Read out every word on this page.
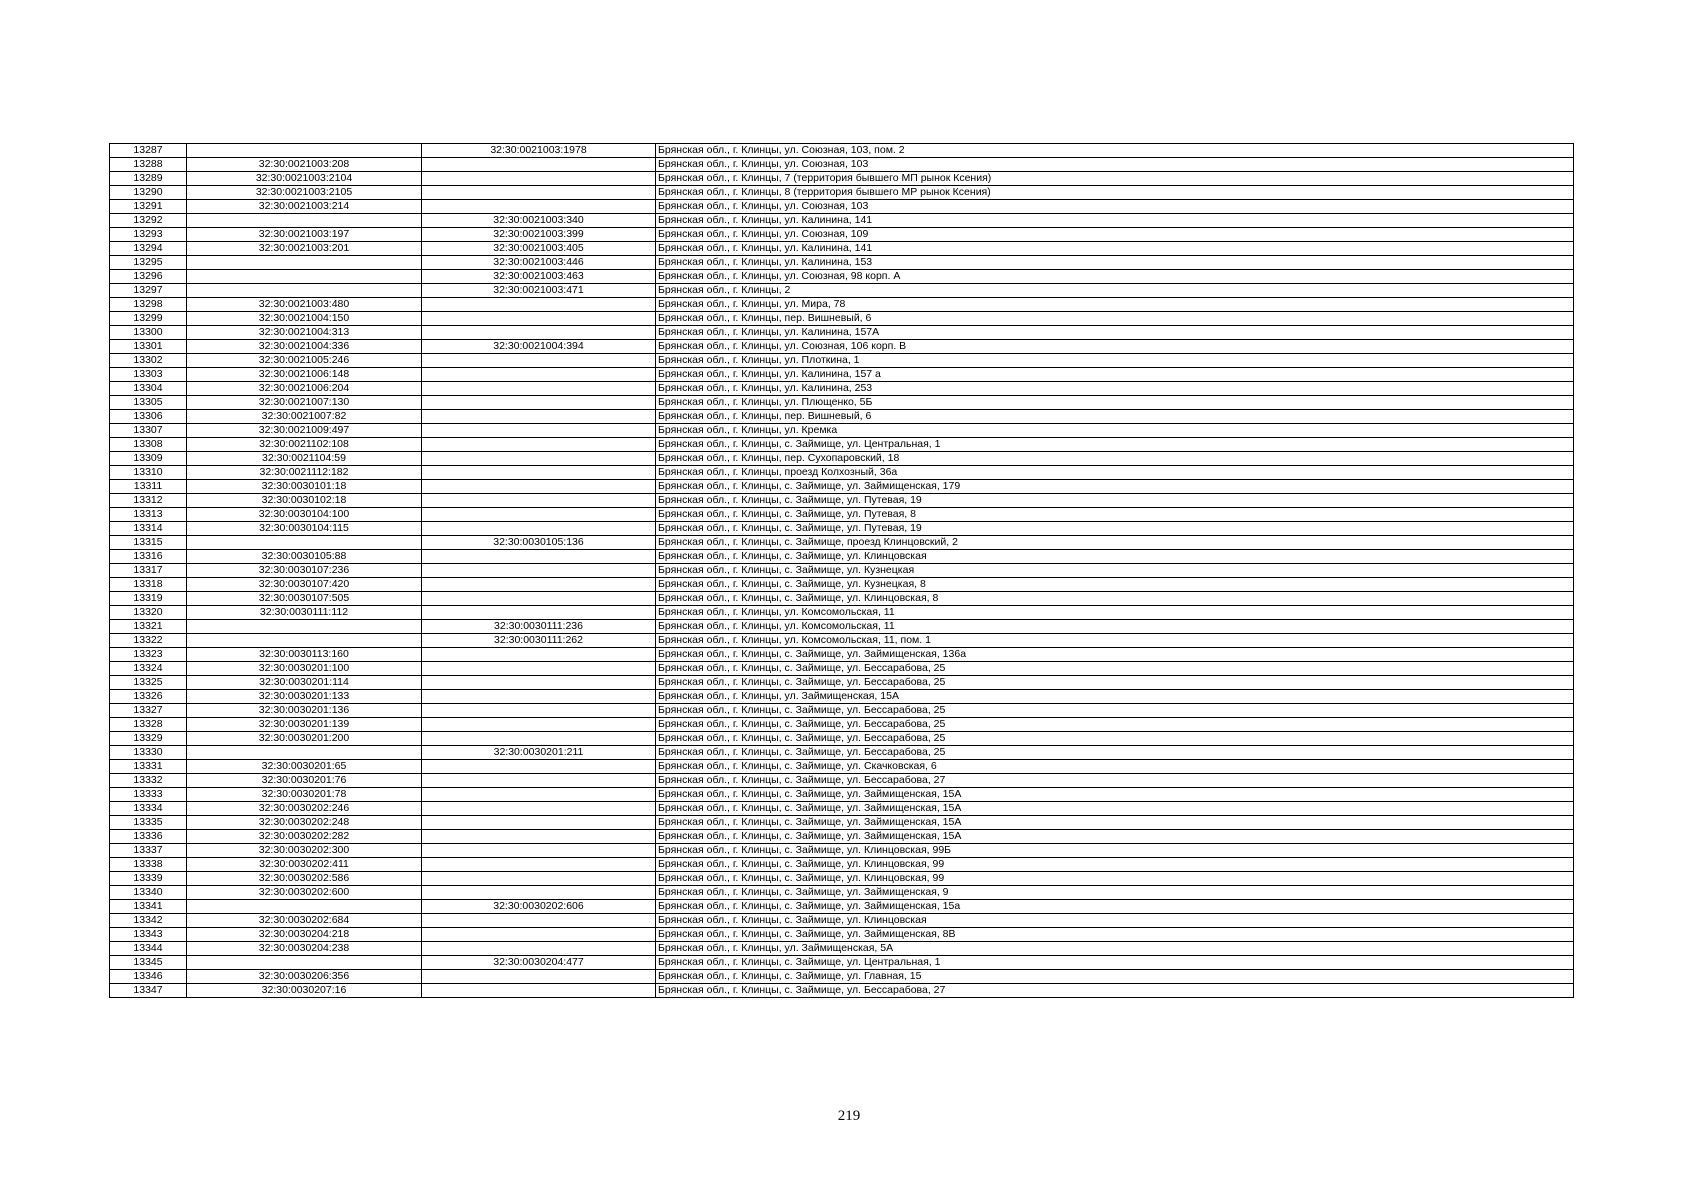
13287		32:30:0021003:1978	Брянская обл., г. Клинцы, ул. Союзная, 103, пом. 2
13288	32:30:0021003:208		Брянская обл., г. Клинцы, ул. Союзная, 103
13289	32:30:0021003:2104		Брянская обл., г. Клинцы, 7 (территория бывшего МП рынок Ксения)
13290	32:30:0021003:2105		Брянская обл., г. Клинцы, 8 (территория бывшего МР рынок Ксения)
13291	32:30:0021003:214		Брянская обл., г. Клинцы, ул. Союзная, 103
13292		32:30:0021003:340	Брянская обл., г. Клинцы, ул. Калинина, 141
13293	32:30:0021003:197	32:30:0021003:399	Брянская обл., г. Клинцы, ул. Союзная, 109
13294	32:30:0021003:201	32:30:0021003:405	Брянская обл., г. Клинцы, ул. Калинина, 141
13295		32:30:0021003:446	Брянская обл., г. Клинцы, ул. Калинина, 153
13296		32:30:0021003:463	Брянская обл., г. Клинцы, ул. Союзная, 98 корп. А
13297		32:30:0021003:471	Брянская обл., г. Клинцы, 2
13298	32:30:0021003:480		Брянская обл., г. Клинцы, ул. Мира, 78
13299	32:30:0021004:150		Брянская обл., г. Клинцы, пер. Вишневый, 6
13300	32:30:0021004:313		Брянская обл., г. Клинцы, ул. Калинина, 157А
13301	32:30:0021004:336	32:30:0021004:394	Брянская обл., г. Клинцы, ул. Союзная, 106 корп. В
13302	32:30:0021005:246		Брянская обл., г. Клинцы, ул. Плоткина, 1
13303	32:30:0021006:148		Брянская обл., г. Клинцы, ул. Калинина, 157 а
13304	32:30:0021006:204		Брянская обл., г. Клинцы, ул. Калинина, 253
13305	32:30:0021007:130		Брянская обл., г. Клинцы, ул. Плющенко, 5Б
13306	32:30:0021007:82		Брянская обл., г. Клинцы, пер. Вишневый, 6
13307	32:30:0021009:497		Брянская обл., г. Клинцы, ул. Кремка
13308	32:30:0021102:108		Брянская обл., г. Клинцы, с. Займище, ул. Центральная, 1
13309	32:30:0021104:59		Брянская обл., г. Клинцы, пер. Сухопаровский, 18
13310	32:30:0021112:182		Брянская обл., г. Клинцы, проезд Колхозный, 36а
13311	32:30:0030101:18		Брянская обл., г. Клинцы, с. Займище, ул. Займищенская, 179
13312	32:30:0030102:18		Брянская обл., г. Клинцы, с. Займище, ул. Путевая, 19
13313	32:30:0030104:100		Брянская обл., г. Клинцы, с. Займище, ул. Путевая, 8
13314	32:30:0030104:115		Брянская обл., г. Клинцы, с. Займище, ул. Путевая, 19
13315		32:30:0030105:136	Брянская обл., г. Клинцы, с. Займище, проезд Клинцовский, 2
13316	32:30:0030105:88		Брянская обл., г. Клинцы, с. Займище, ул. Клинцовская
13317	32:30:0030107:236		Брянская обл., г. Клинцы, с. Займище, ул. Кузнецкая
13318	32:30:0030107:420		Брянская обл., г. Клинцы, с. Займище, ул. Кузнецкая, 8
13319	32:30:0030107:505		Брянская обл., г. Клинцы, с. Займище, ул. Клинцовская, 8
13320	32:30:0030111:112		Брянская обл., г. Клинцы, ул. Комсомольская, 11
13321		32:30:0030111:236	Брянская обл., г. Клинцы, ул. Комсомольская, 11
13322		32:30:0030111:262	Брянская обл., г. Клинцы, ул. Комсомольская, 11, пом. 1
13323	32:30:0030113:160		Брянская обл., г. Клинцы, с. Займище, ул. Займищенская, 136а
13324	32:30:0030201:100		Брянская обл., г. Клинцы, с. Займище, ул. Бессарабова, 25
13325	32:30:0030201:114		Брянская обл., г. Клинцы, с. Займище, ул. Бессарабова, 25
13326	32:30:0030201:133		Брянская обл., г. Клинцы, ул. Займищенская, 15А
13327	32:30:0030201:136		Брянская обл., г. Клинцы, с. Займище, ул. Бессарабова, 25
13328	32:30:0030201:139		Брянская обл., г. Клинцы, с. Займище, ул. Бессарабова, 25
13329	32:30:0030201:200		Брянская обл., г. Клинцы, с. Займище, ул. Бессарабова, 25
13330		32:30:0030201:211	Брянская обл., г. Клинцы, с. Займище, ул. Бессарабова, 25
13331	32:30:0030201:65		Брянская обл., г. Клинцы, с. Займище, ул. Скачковская, 6
13332	32:30:0030201:76		Брянская обл., г. Клинцы, с. Займище, ул. Бессарабова, 27
13333	32:30:0030201:78		Брянская обл., г. Клинцы, с. Займище, ул. Займищенская, 15А
13334	32:30:0030202:246		Брянская обл., г. Клинцы, с. Займище, ул. Займищенская, 15А
13335	32:30:0030202:248		Брянская обл., г. Клинцы, с. Займище, ул. Займищенская, 15А
13336	32:30:0030202:282		Брянская обл., г. Клинцы, с. Займище, ул. Займищенская, 15А
13337	32:30:0030202:300		Брянская обл., г. Клинцы, с. Займище, ул. Клинцовская, 99Б
13338	32:30:0030202:411		Брянская обл., г. Клинцы, с. Займище, ул. Клинцовская, 99
13339	32:30:0030202:586		Брянская обл., г. Клинцы, с. Займище, ул. Клинцовская, 99
13340	32:30:0030202:600		Брянская обл., г. Клинцы, с. Займище, ул. Займищенская, 9
13341		32:30:0030202:606	Брянская обл., г. Клинцы, с. Займище, ул. Займищенская, 15а
13342	32:30:0030202:684		Брянская обл., г. Клинцы, с. Займище, ул. Клинцовская
13343	32:30:0030204:218		Брянская обл., г. Клинцы, с. Займище, ул. Займищенская, 8В
13344	32:30:0030204:238		Брянская обл., г. Клинцы, ул. Займищенская, 5А
13345		32:30:0030204:477	Брянская обл., г. Клинцы, с. Займище, ул. Центральная, 1
13346	32:30:0030206:356		Брянская обл., г. Клинцы, с. Займище, ул. Главная, 15
13347	32:30:0030207:16		Брянская обл., г. Клинцы, с. Займище, ул. Бессарабова, 27
219
